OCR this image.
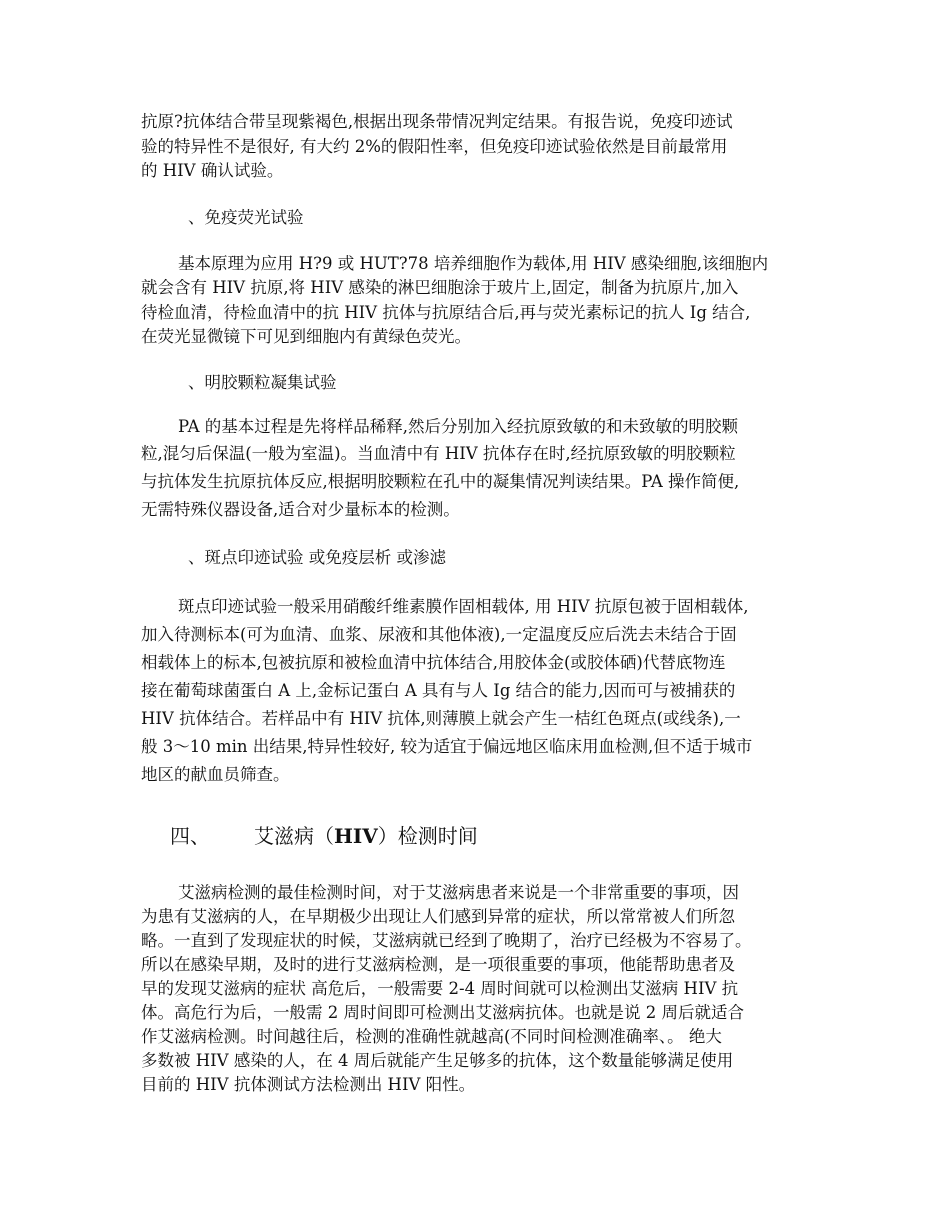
抗原?抗体结合带呈现紫褐色,根据出现条带情况判定结果。有报告说，免疫印迹试

验的特异性不是很好, 有大约 2%的假阳性率，但免疫印迹试验依然是目前最常用

的 HIV 确认试验。

、免疫荧光试验

基本原理为应用 H?9 或 HUT?78 培养细胞作为载体,用 HIV 感染细胞,该细胞内

就会含有 HIV 抗原,将 HIV 感染的淋巴细胞涂于玻片上,固定，制备为抗原片,加入

待检血清，待检血清中的抗 HIV 抗体与抗原结合后,再与荧光素标记的抗人 Ig 结合,

在荧光显微镜下可见到细胞内有黄绿色荧光。

、明胶颗粒凝集试验

PA 的基本过程是先将样品稀释,然后分别加入经抗原致敏的和未致敏的明胶颗

粒,混匀后保温(一般为室温)。当血清中有 HIV 抗体存在时,经抗原致敏的明胶颗粒

与抗体发生抗原抗体反应,根据明胶颗粒在孔中的凝集情况判读结果。PA 操作简便,

无需特殊仪器设备,适合对少量标本的检测。

、斑点印迹试验 或免疫层析 或渗滤

斑点印迹试验一般采用硝酸纤维素膜作固相载体, 用 HIV 抗原包被于固相载体,

加入待测标本(可为血清、血浆、尿液和其他体液),一定温度反应后洗去未结合于固

相载体上的标本,包被抗原和被检血清中抗体结合,用胶体金(或胶体硒)代替底物连

接在葡萄球菌蛋白 A 上,金标记蛋白 A 具有与人 Ig 结合的能力,因而可与被捕获的

HIV 抗体结合。若样品中有 HIV 抗体,则薄膜上就会产生一桔红色斑点(或线条),一

般 3～10 min 出结果,特异性较好, 较为适宜于偏远地区临床用血检测,但不适于城市

地区的献血员筛查。

四、 艾滋病（HIV）检测时间

艾滋病检测的最佳检测时间，对于艾滋病患者来说是一个非常重要的事项，因

为患有艾滋病的人，在早期极少出现让人们感到异常的症状，所以常常被人们所忽

略。一直到了发现症状的时候，艾滋病就已经到了晚期了，治疗已经极为不容易了。

所以在感染早期，及时的进行艾滋病检测，是一项很重要的事项，他能帮助患者及

早的发现艾滋病的症状 高危后，一般需要 2-4 周时间就可以检测出艾滋病 HIV 抗

体。高危行为后，一般需 2 周时间即可检测出艾滋病抗体。也就是说 2 周后就适合

作艾滋病检测。时间越往后，检测的准确性就越高(不同时间检测准确率、。 绝大

多数被 HIV 感染的人，在 4 周后就能产生足够多的抗体，这个数量能够满足使用

目前的 HIV 抗体测试方法检测出 HIV 阳性。
